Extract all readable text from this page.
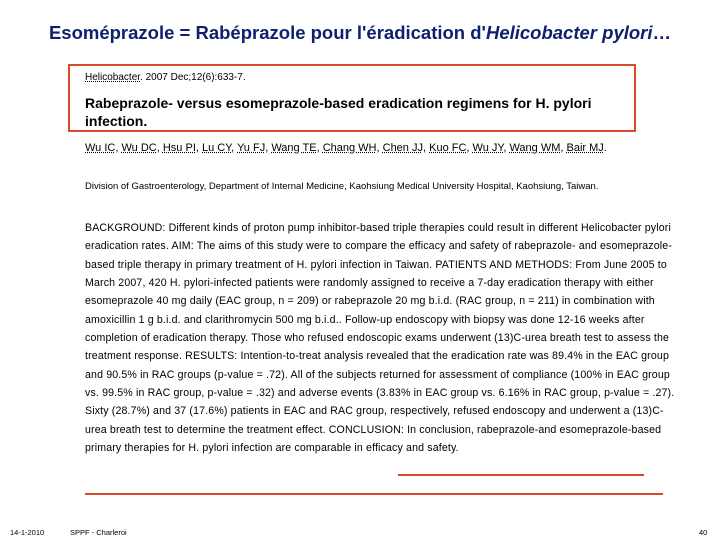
Esoméprazole = Rabéprazole pour l'éradication d'Helicobacter pylori…
Helicobacter. 2007 Dec;12(6):633-7.
Rabeprazole- versus esomeprazole-based eradication regimens for H. pylori infection.
Wu IC, Wu DC, Hsu PI, Lu CY, Yu FJ, Wang TE, Chang WH, Chen JJ, Kuo FC, Wu JY, Wang WM, Bair MJ.
Division of Gastroenterology, Department of Internal Medicine, Kaohsiung Medical University Hospital, Kaohsiung, Taiwan.
BACKGROUND: Different kinds of proton pump inhibitor-based triple therapies could result in different Helicobacter pylori eradication rates. AIM: The aims of this study were to compare the efficacy and safety of rabeprazole- and esomeprazole-based triple therapy in primary treatment of H. pylori infection in Taiwan. PATIENTS AND METHODS: From June 2005 to March 2007, 420 H. pylori-infected patients were randomly assigned to receive a 7-day eradication therapy with either esomeprazole 40 mg daily (EAC group, n = 209) or rabeprazole 20 mg b.i.d. (RAC group, n = 211) in combination with amoxicillin 1 g b.i.d. and clarithromycin 500 mg b.i.d.. Follow-up endoscopy with biopsy was done 12-16 weeks after completion of eradication therapy. Those who refused endoscopic exams underwent (13)C-urea breath test to assess the treatment response. RESULTS: Intention-to-treat analysis revealed that the eradication rate was 89.4% in the EAC group and 90.5% in RAC groups (p-value = .72). All of the subjects returned for assessment of compliance (100% in EAC group vs. 99.5% in RAC group, p-value = .32) and adverse events (3.83% in EAC group vs. 6.16% in RAC group, p-value = .27). Sixty (28.7%) and 37 (17.6%) patients in EAC and RAC group, respectively, refused endoscopy and underwent a (13)C-urea breath test to determine the treatment effect. CONCLUSION: In conclusion, rabeprazole-and esomeprazole-based primary therapies for H. pylori infection are comparable in efficacy and safety.
14-1-2010	SPPF - Charleroi	40
